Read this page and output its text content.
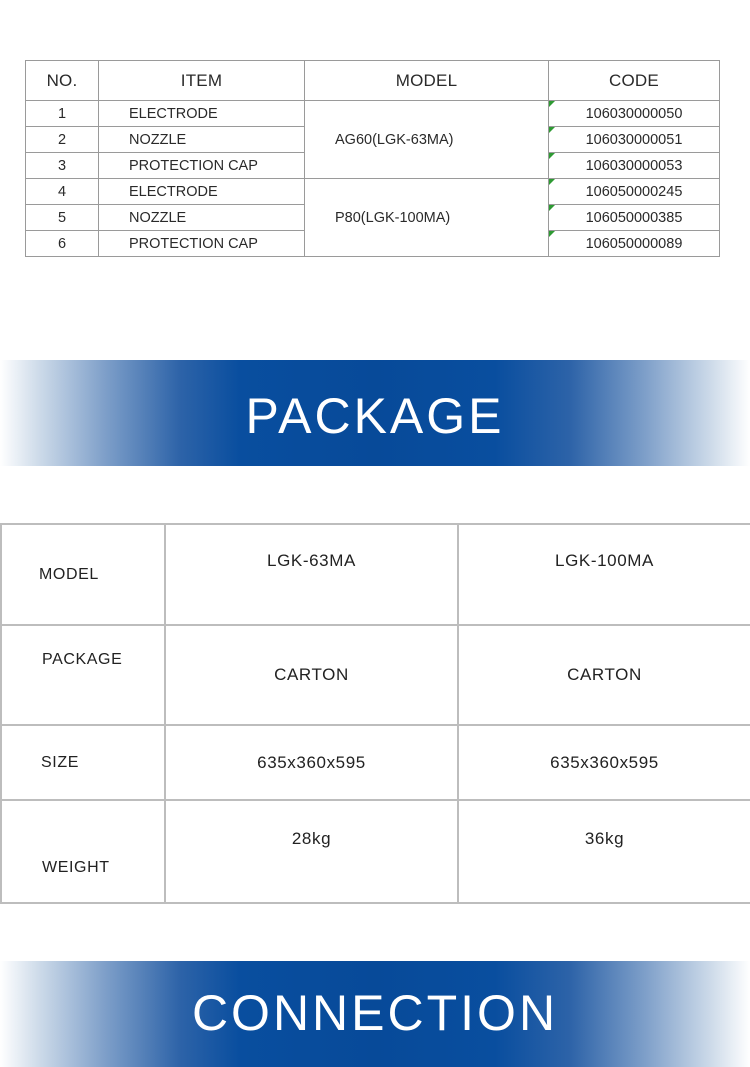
NO.	ITEM	MODEL	CODE
1	ELECTRODE	AG60(LGK-63MA)	106030000050
2	NOZZLE		106030000051
3	PROTECTION CAP		106030000053
4	ELECTRODE	P80(LGK-100MA)	106050000245
5	NOZZLE		106050000385
6	PROTECTION CAP		106050000089
PACKAGE
MODEL	LGK-63MA	LGK-100MA
PACKAGE	CARTON	CARTON
SIZE	635x360x595	635x360x595
WEIGHT	28kg	36kg
CONNECTION
